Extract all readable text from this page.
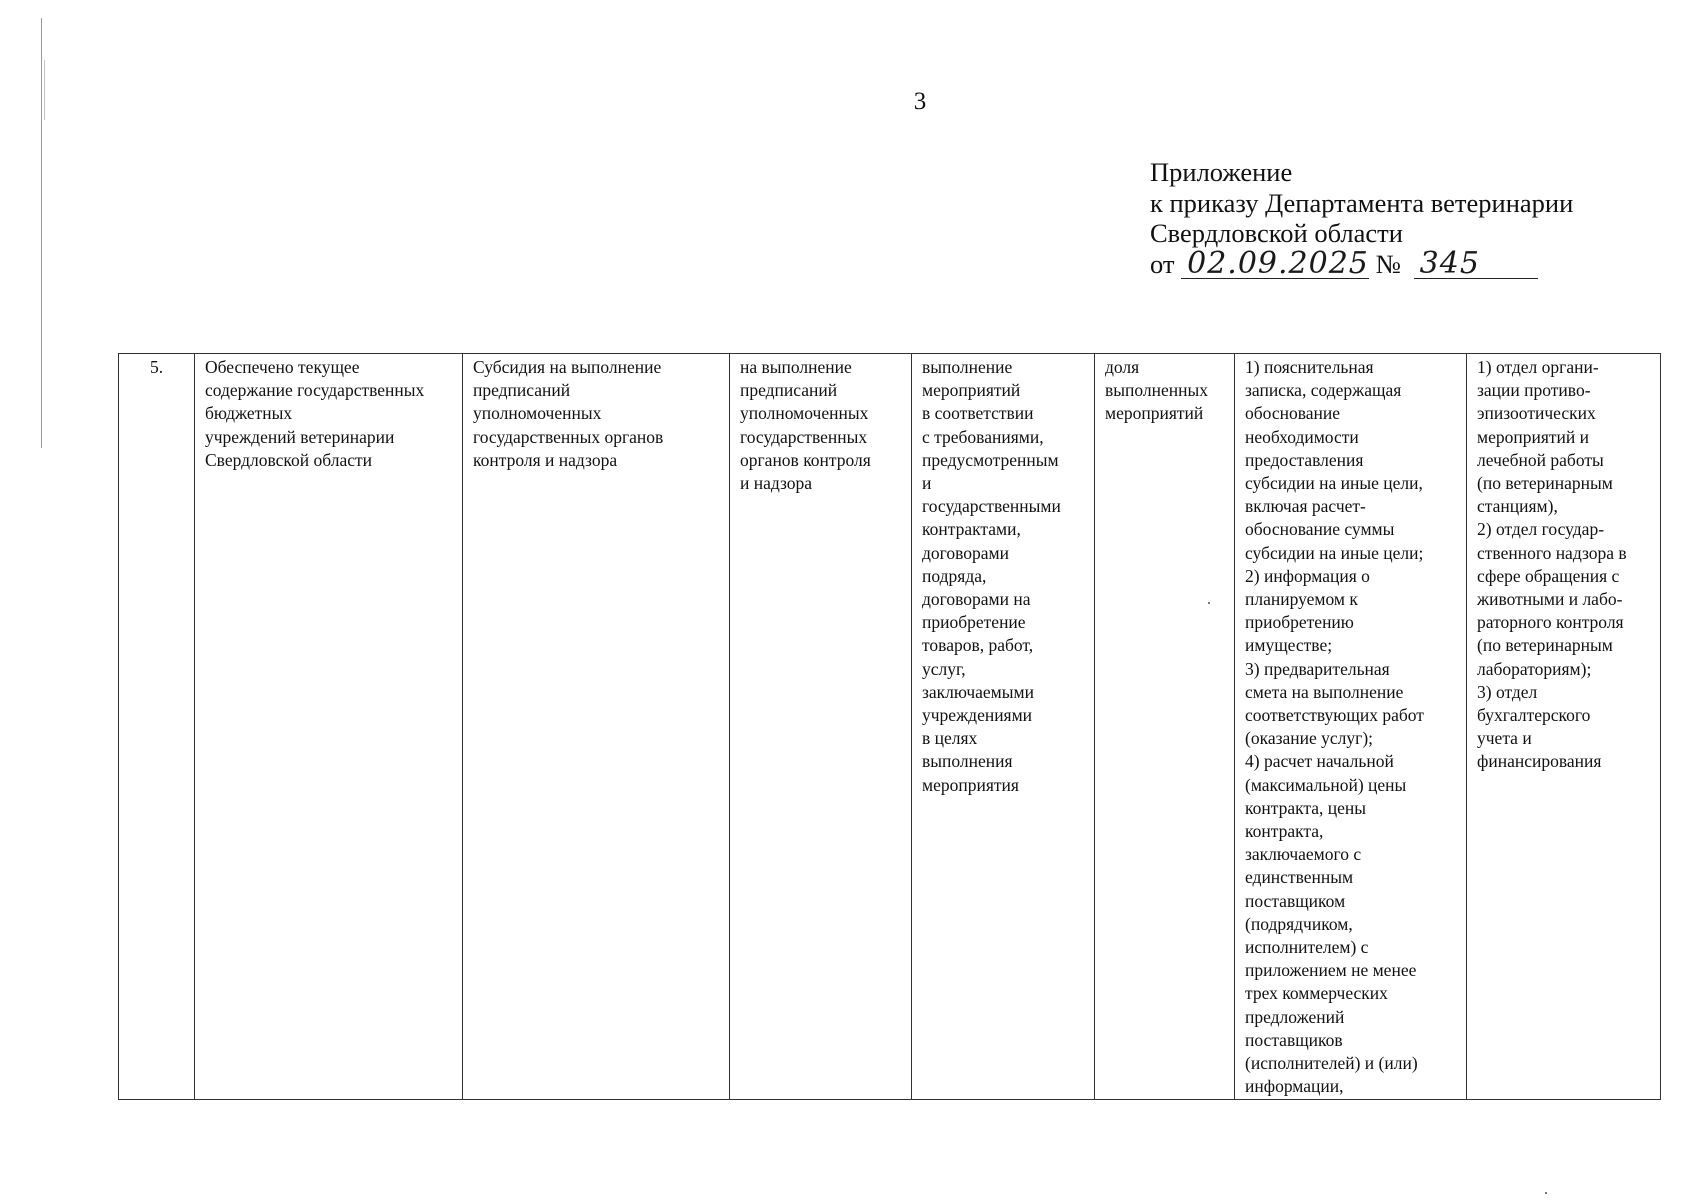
3
Приложение
к приказу Департамента ветеринарии
Свердловской области
от 02.09.2025 № 345
5.	Обеспечено текущее
содержание государственных
бюджетных
учреждений ветеринарии
Свердловской области	Субсидия на выполнение
предписаний
уполномоченных
государственных органов
контроля и надзора	на выполнение
предписаний
уполномоченных
государственных
органов контроля
и надзора	выполнение
мероприятий
в соответствии
с требованиями,
предусмотренным
и
государственными
контрактами,
договорами
подряда,
договорами на
приобретение
товаров, работ,
услуг,
заключаемыми
учреждениями
в целях
выполнения
мероприятия	доля
выполненных
мероприятий	1) пояснительная
записка, содержащая
обоснование
необходимости
предоставления
субсидии на иные цели,
включая расчет-
обоснование суммы
субсидии на иные цели;
2) информация о
планируемом к
приобретению
имуществе;
3) предварительная
смета на выполнение
соответствующих работ
(оказание услуг);
4) расчет начальной
(максимальной) цены
контракта, цены
контракта,
заключаемого с
единственным
поставщиком
(подрядчиком,
исполнителем) с
приложением не менее
трех коммерческих
предложений
поставщиков
(исполнителей) и (или)
информации,	1) отдел органи-
зации противо-
эпизоотических
мероприятий и
лечебной работы
(по ветеринарным
станциям),
2) отдел государ-
ственного надзора в
сфере обращения с
животными и лабо-
раторного контроля
(по ветеринарным
лабораториям);
3) отдел
бухгалтерского
учета и
финансирования
